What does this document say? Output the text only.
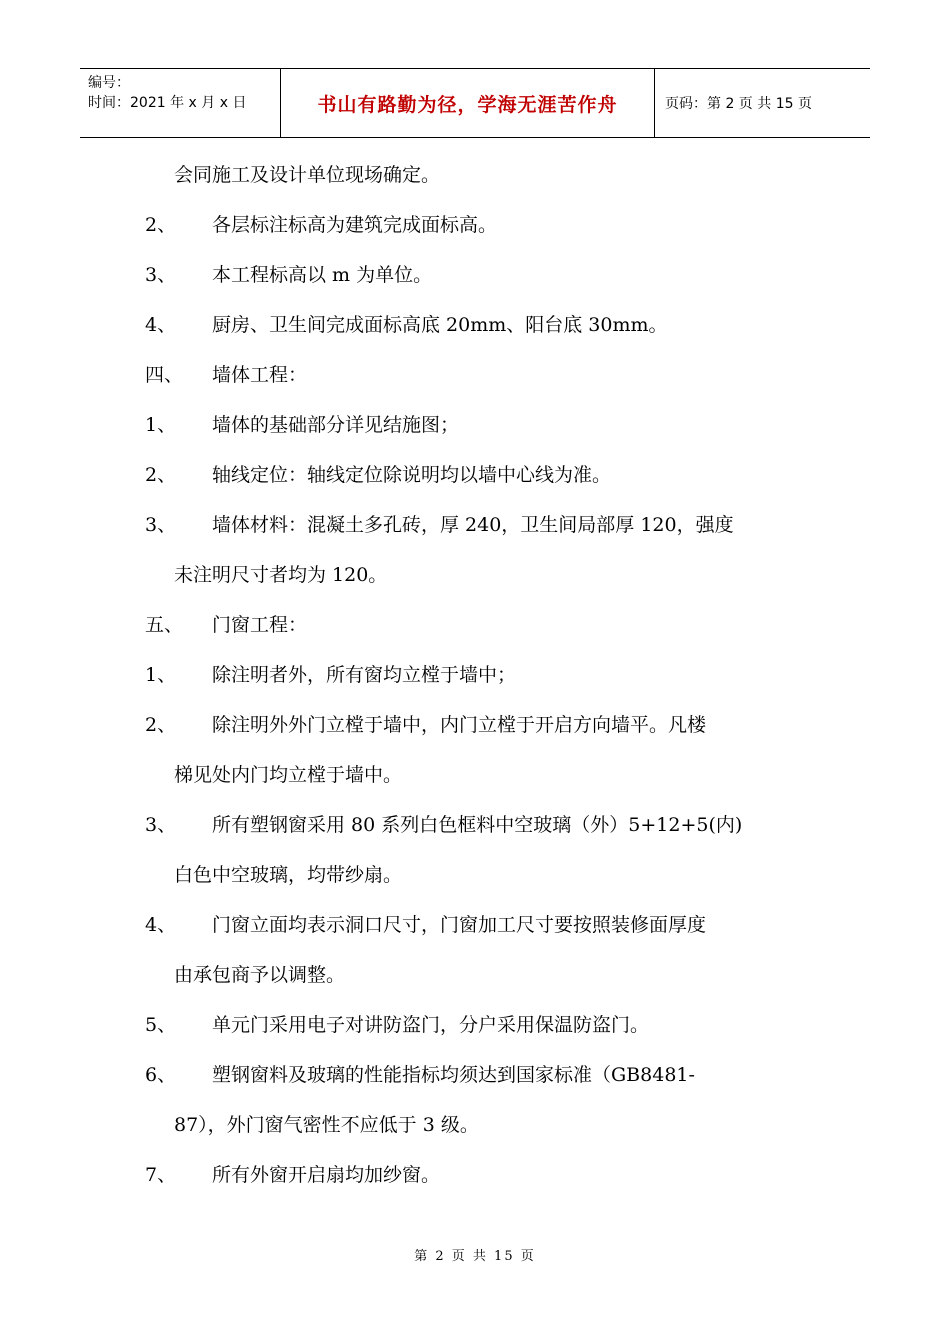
编号：
时间：2021 年 x 月 x 日	书山有路勤为径，学海无涯苦作舟	页码：第 2 页 共 15 页
会同施工及设计单位现场确定。
2、 各层标注标高为建筑完成面标高。
3、 本工程标高以 m 为单位。
4、 厨房、卫生间完成面标高底 20mm、阳台底 30mm。
四、 墙体工程：
1、 墙体的基础部分详见结施图；
2、 轴线定位：轴线定位除说明均以墙中心线为准。
3、 墙体材料：混凝土多孔砖，厚 240，卫生间局部厚 120，强度
未注明尺寸者均为 120。
五、 门窗工程：
1、 除注明者外，所有窗均立樘于墙中；
2、 除注明外外门立樘于墙中，内门立樘于开启方向墙平。凡楼
梯见处内门均立樘于墙中。
3、 所有塑钢窗采用 80 系列白色框料中空玻璃（外）5+12+5(内)
白色中空玻璃，均带纱扇。
4、 门窗立面均表示洞口尺寸，门窗加工尺寸要按照装修面厚度
由承包商予以调整。
5、 单元门采用电子对讲防盗门，分户采用保温防盗门。
6、 塑钢窗料及玻璃的性能指标均须达到国家标准（GB8481-
87），外门窗气密性不应低于 3 级。
7、 所有外窗开启扇均加纱窗。
第 2 页 共 15 页
